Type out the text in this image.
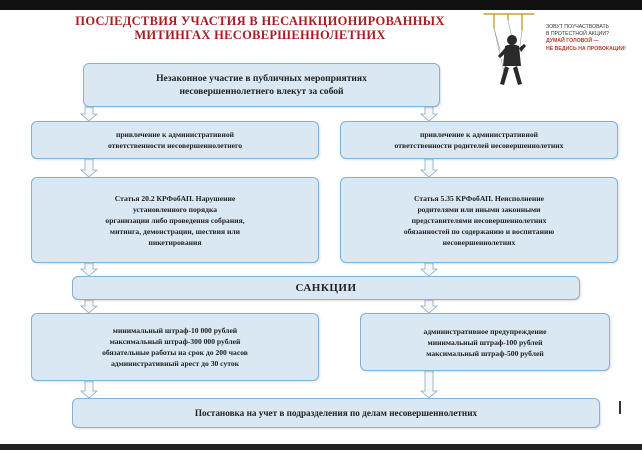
ПОСЛЕДСТВИЯ УЧАСТИЯ В НЕСАНКЦИОНИРОВАННЫХ
МИТИНГАХ НЕСОВЕРШЕННОЛЕТНИХ
ЗОВУТ ПОУЧАСТВОВАТЬ
В ПРОТЕСТНОЙ АКЦИИ?
ДУМАЙ ГОЛОВОЙ —
НЕ ВЕДИСЬ НА ПРОВОКАЦИИ!
Незаконное участие в публичных мероприятиях
несовершеннолетнего влекут за собой
привлечение к административной
ответственности несовершеннолетнего
привлечение к административной
ответственности родителей несовершеннолетних
Статья 20.2 КРФобАП. Нарушение
установленного порядка
организации либо проведения собрания,
митинга, демонстрации, шествия или
пикетирования
Статья 5.35 КРФобАП. Неисполнение
родителями или иными законными
представителями несовершеннолетних
обязанностей по содержанию и воспитанию
несовершеннолетних
САНКЦИИ
минимальный штраф-10 000 рублей
максимальный штраф-300 000 рублей
обязательные работы на срок до 200 часов
административный арест до 30 суток
административное предупреждение
минимальный штраф-100 рублей
максимальный штраф-500 рублей
Постановка на учет в подразделения по делам несовершеннолетних
